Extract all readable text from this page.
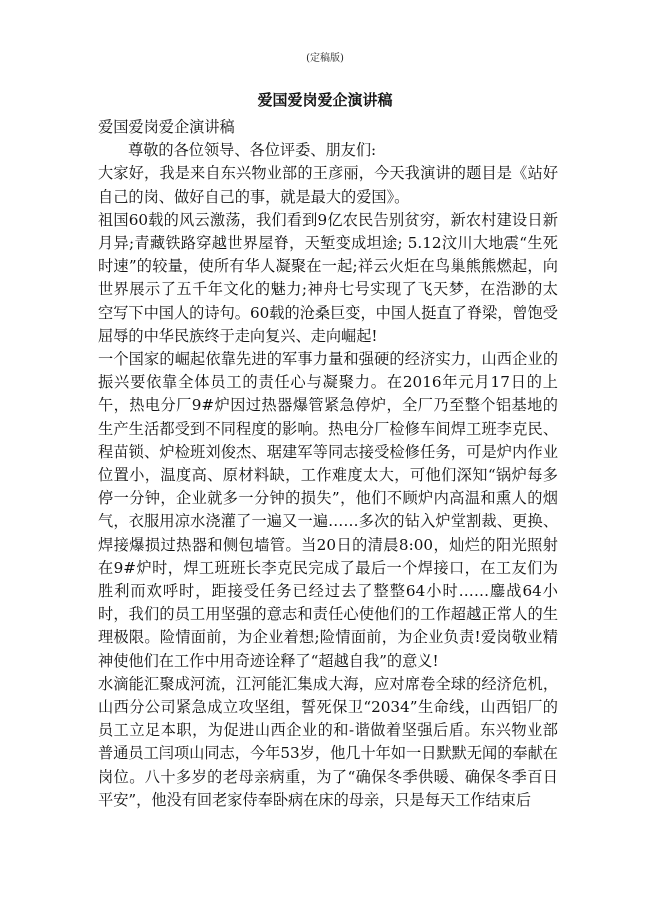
(定稿版)
爱国爱岗爱企演讲稿

爱国爱岗爱企演讲稿

尊敬的各位领导、各位评委、朋友们:

大家好，我是来自东兴物业部的王彦丽，今天我演讲的题目是《站好自己的岗、做好自己的事，就是最大的爱国》。

祖国60载的风云激荡，我们看到9亿农民告别贫穷，新农村建设日新月异;青藏铁路穿越世界屋脊，天堑变成坦途; 5.12汶川大地震“生死时速”的较量，使所有华人凝聚在一起;祥云火炬在鸟巢熊熊燃起，向世界展示了五千年文化的魅力;神舟七号实现了飞天梦，在浩渺的太空写下中国人的诗句。60载的沧桑巨变，中国人挺直了脊梁，曾饱受屈辱的中华民族终于走向复兴、走向崛起!

一个国家的崛起依靠先进的军事力量和强硬的经济实力，山西企业的振兴要依靠全体员工的责任心与凝聚力。在2016年元月17日的上午，热电分厂9#炉因过热器爆管紧急停炉，全厂乃至整个铝基地的生产生活都受到不同程度的影响。热电分厂检修车间焊工班李克民、程苗锁、炉检班刘俊杰、琚建军等同志接受检修任务，可是炉内作业位置小，温度高、原材料缺，工作难度太大，可他们深知“锅炉每多停一分钟，企业就多一分钟的损失”，他们不顾炉内高温和熏人的烟气，衣服用凉水浇灌了一遍又一遍……多次的钻入炉堂割裁、更换、焊接爆损过热器和侧包墙管。当20日的清晨8:00，灿烂的阳光照射在9#炉时，焊工班班长李克民完成了最后一个焊接口，在工友们为胜利而欢呼时，距接受任务已经过去了整整64小时……鏖战64小时，我们的员工用坚强的意志和责任心使他们的工作超越正常人的生理极限。险情面前，为企业着想;险情面前，为企业负责!爱岗敬业精神使他们在工作中用奇迹诠释了“超越自我”的意义!

水滴能汇聚成河流，江河能汇集成大海，应对席卷全球的经济危机，山西分公司紧急成立攻坚组，誓死保卫“2034”生命线，山西铝厂的员工立足本职，为促进山西企业的和-谐做着坚强后盾。东兴物业部普通员工闫项山同志，今年53岁，他几十年如一日默默无闻的奉献在岗位。八十多岁的老母亲病重，为了“确保冬季供暖、确保冬季百日平安”，他没有回老家侍奉卧病在床的母亲，只是每天工作结束后
